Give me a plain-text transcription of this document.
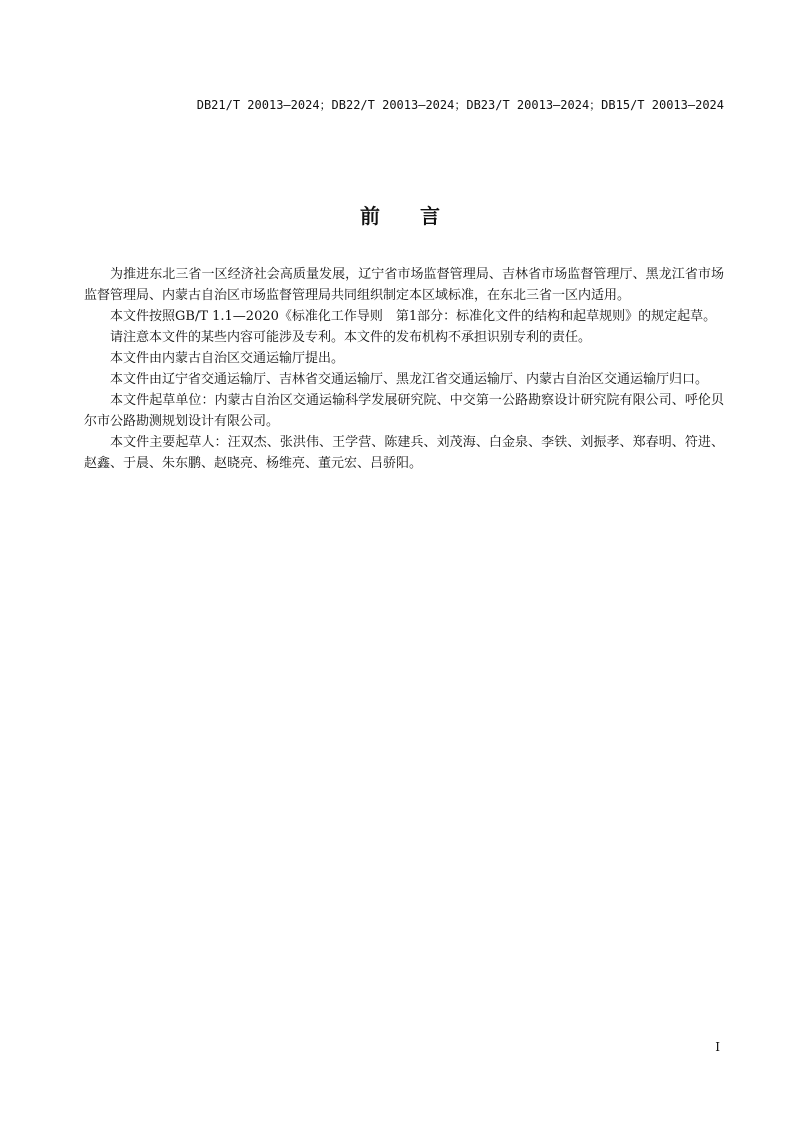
DB21/T 20013—2024；DB22/T 20013—2024；DB23/T 20013—2024；DB15/T 20013—2024
前 言

为推进东北三省一区经济社会高质量发展，辽宁省市场监督管理局、吉林省市场监督管理厅、黑龙江省市场监督管理局、内蒙古自治区市场监督管理局共同组织制定本区域标准，在东北三省一区内适用。

本文件按照GB/T 1.1—2020《标准化工作导则　第1部分：标准化文件的结构和起草规则》的规定起草。

请注意本文件的某些内容可能涉及专利。本文件的发布机构不承担识别专利的责任。

本文件由内蒙古自治区交通运输厅提出。

本文件由辽宁省交通运输厅、吉林省交通运输厅、黑龙江省交通运输厅、内蒙古自治区交通运输厅归口。

本文件起草单位：内蒙古自治区交通运输科学发展研究院、中交第一公路勘察设计研究院有限公司、呼伦贝尔市公路勘测规划设计有限公司。

本文件主要起草人：汪双杰、张洪伟、王学营、陈建兵、刘茂海、白金泉、李铁、刘振孝、郑春明、符进、赵鑫、于晨、朱东鹏、赵晓亮、杨维亮、董元宏、吕骄阳。

I
